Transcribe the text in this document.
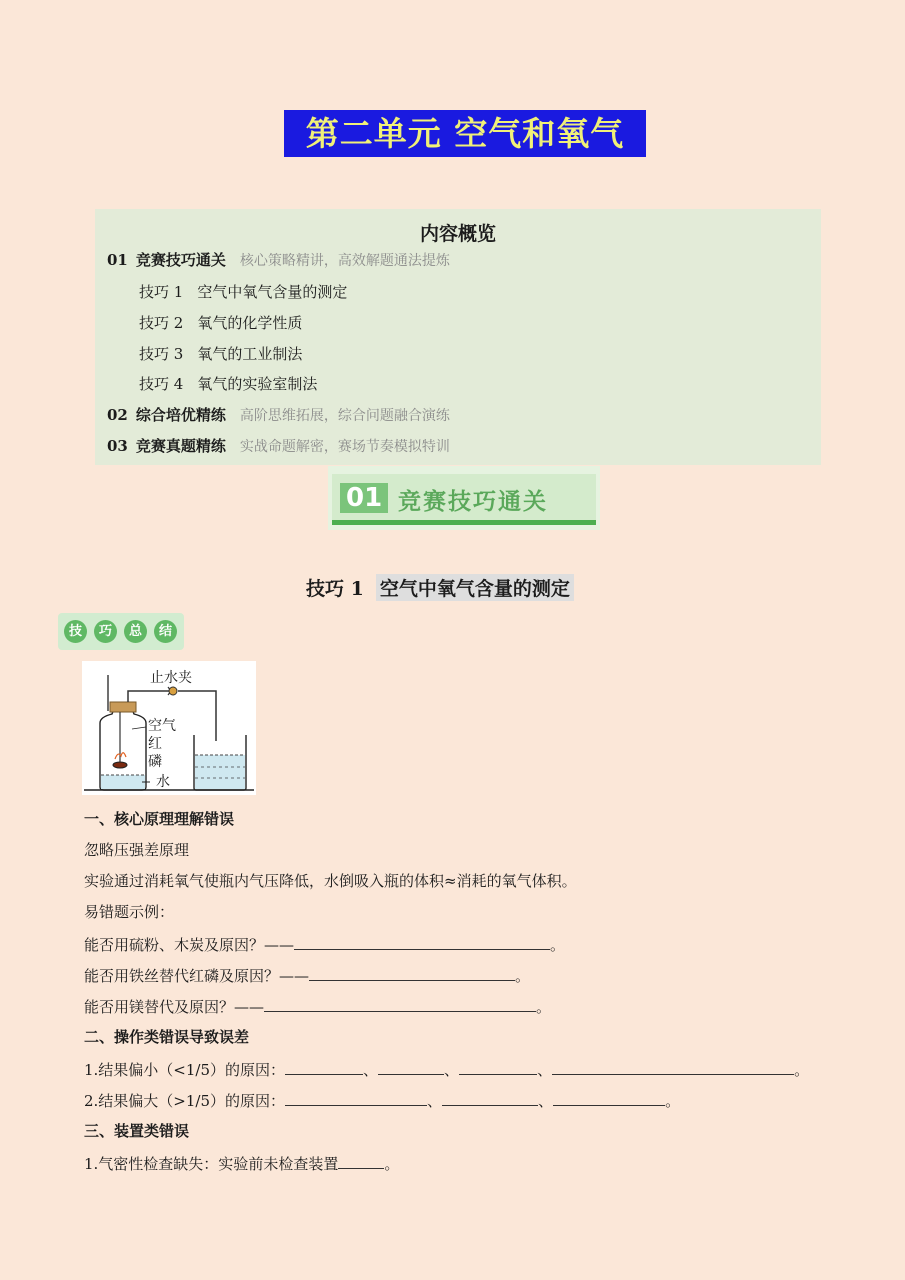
第二单元 空气和氧气
内容概览
01 竞赛技巧通关 核心策略精讲，高效解题通法提炼
技巧 1 空气中氧气含量的测定
技巧 2 氧气的化学性质
技巧 3 氧气的工业制法
技巧 4 氧气的实验室制法
02 综合培优精练 高阶思维拓展，综合问题融合演练
03 竞赛真题精练 实战命题解密，赛场节奏模拟特训
01 竞赛技巧通关
技巧 1 空气中氧气含量的测定
技	巧	总	结
止水夹
空气
红
磷
水
一、核心原理理解错误
忽略压强差原理
实验通过消耗氧气使瓶内气压降低，水倒吸入瓶的体积≈消耗的氧气体积。
易错题示例：
能否用硫粉、木炭及原因？——	。
能否用铁丝替代红磷及原因？——	。
能否用镁替代及原因？——	。
二、操作类错误导致误差
1.结果偏小（<1/5）的原因：	、	、	、	。
2.结果偏大（>1/5）的原因：	、	、	。
三、装置类错误
1.气密性检查缺失：实验前未检查装置	。
